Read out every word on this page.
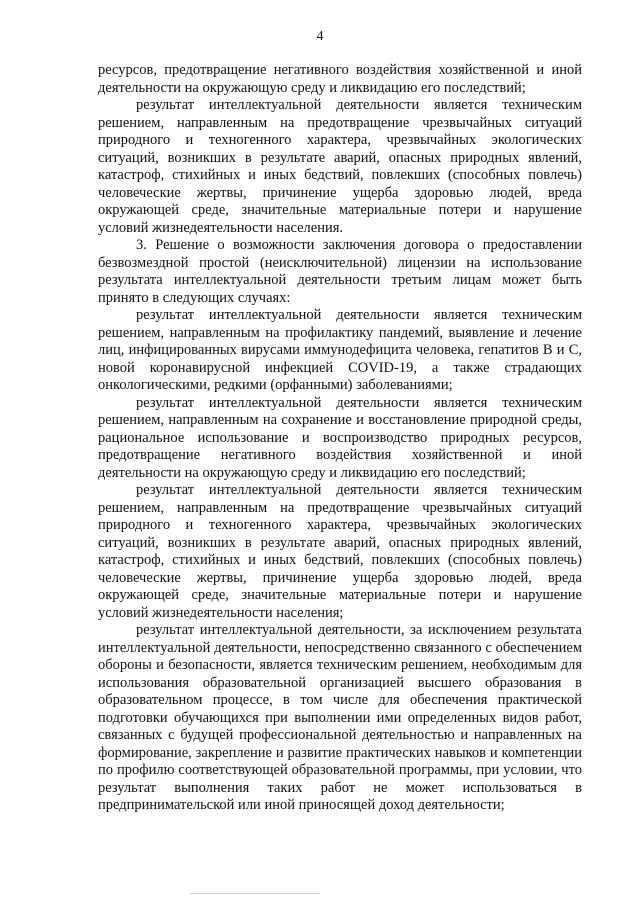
4

ресурсов, предотвращение негативного воздействия хозяйственной и иной деятельности на окружающую среду и ликвидацию его последствий;

результат интеллектуальной деятельности является техническим решением, направленным на предотвращение чрезвычайных ситуаций природного и техногенного характера, чрезвычайных экологических ситуаций, возникших в результате аварий, опасных природных явлений, катастроф, стихийных и иных бедствий, повлекших (способных повлечь) человеческие жертвы, причинение ущерба здоровью людей, вреда окружающей среде, значительные материальные потери и нарушение условий жизнедеятельности населения.

3. Решение о возможности заключения договора о предоставлении безвозмездной простой (неисключительной) лицензии на использование результата интеллектуальной деятельности третьим лицам может быть принято в следующих случаях:

результат интеллектуальной деятельности является техническим решением, направленным на профилактику пандемий, выявление и лечение лиц, инфицированных вирусами иммунодефицита человека, гепатитов B и C, новой коронавирусной инфекцией COVID-19, а также страдающих онкологическими, редкими (орфанными) заболеваниями;

результат интеллектуальной деятельности является техническим решением, направленным на сохранение и восстановление природной среды, рациональное использование и воспроизводство природных ресурсов, предотвращение негативного воздействия хозяйственной и иной деятельности на окружающую среду и ликвидацию его последствий;

результат интеллектуальной деятельности является техническим решением, направленным на предотвращение чрезвычайных ситуаций природного и техногенного характера, чрезвычайных экологических ситуаций, возникших в результате аварий, опасных природных явлений, катастроф, стихийных и иных бедствий, повлекших (способных повлечь) человеческие жертвы, причинение ущерба здоровью людей, вреда окружающей среде, значительные материальные потери и нарушение условий жизнедеятельности населения;

результат интеллектуальной деятельности, за исключением результата интеллектуальной деятельности, непосредственно связанного с обеспечением обороны и безопасности, является техническим решением, необходимым для использования образовательной организацией высшего образования в образовательном процессе, в том числе для обеспечения практической подготовки обучающихся при выполнении ими определенных видов работ, связанных с будущей профессиональной деятельностью и направленных на формирование, закрепление и развитие практических навыков и компетенции по профилю соответствующей образовательной программы, при условии, что результат выполнения таких работ не может использоваться в предпринимательской или иной приносящей доход деятельности;
